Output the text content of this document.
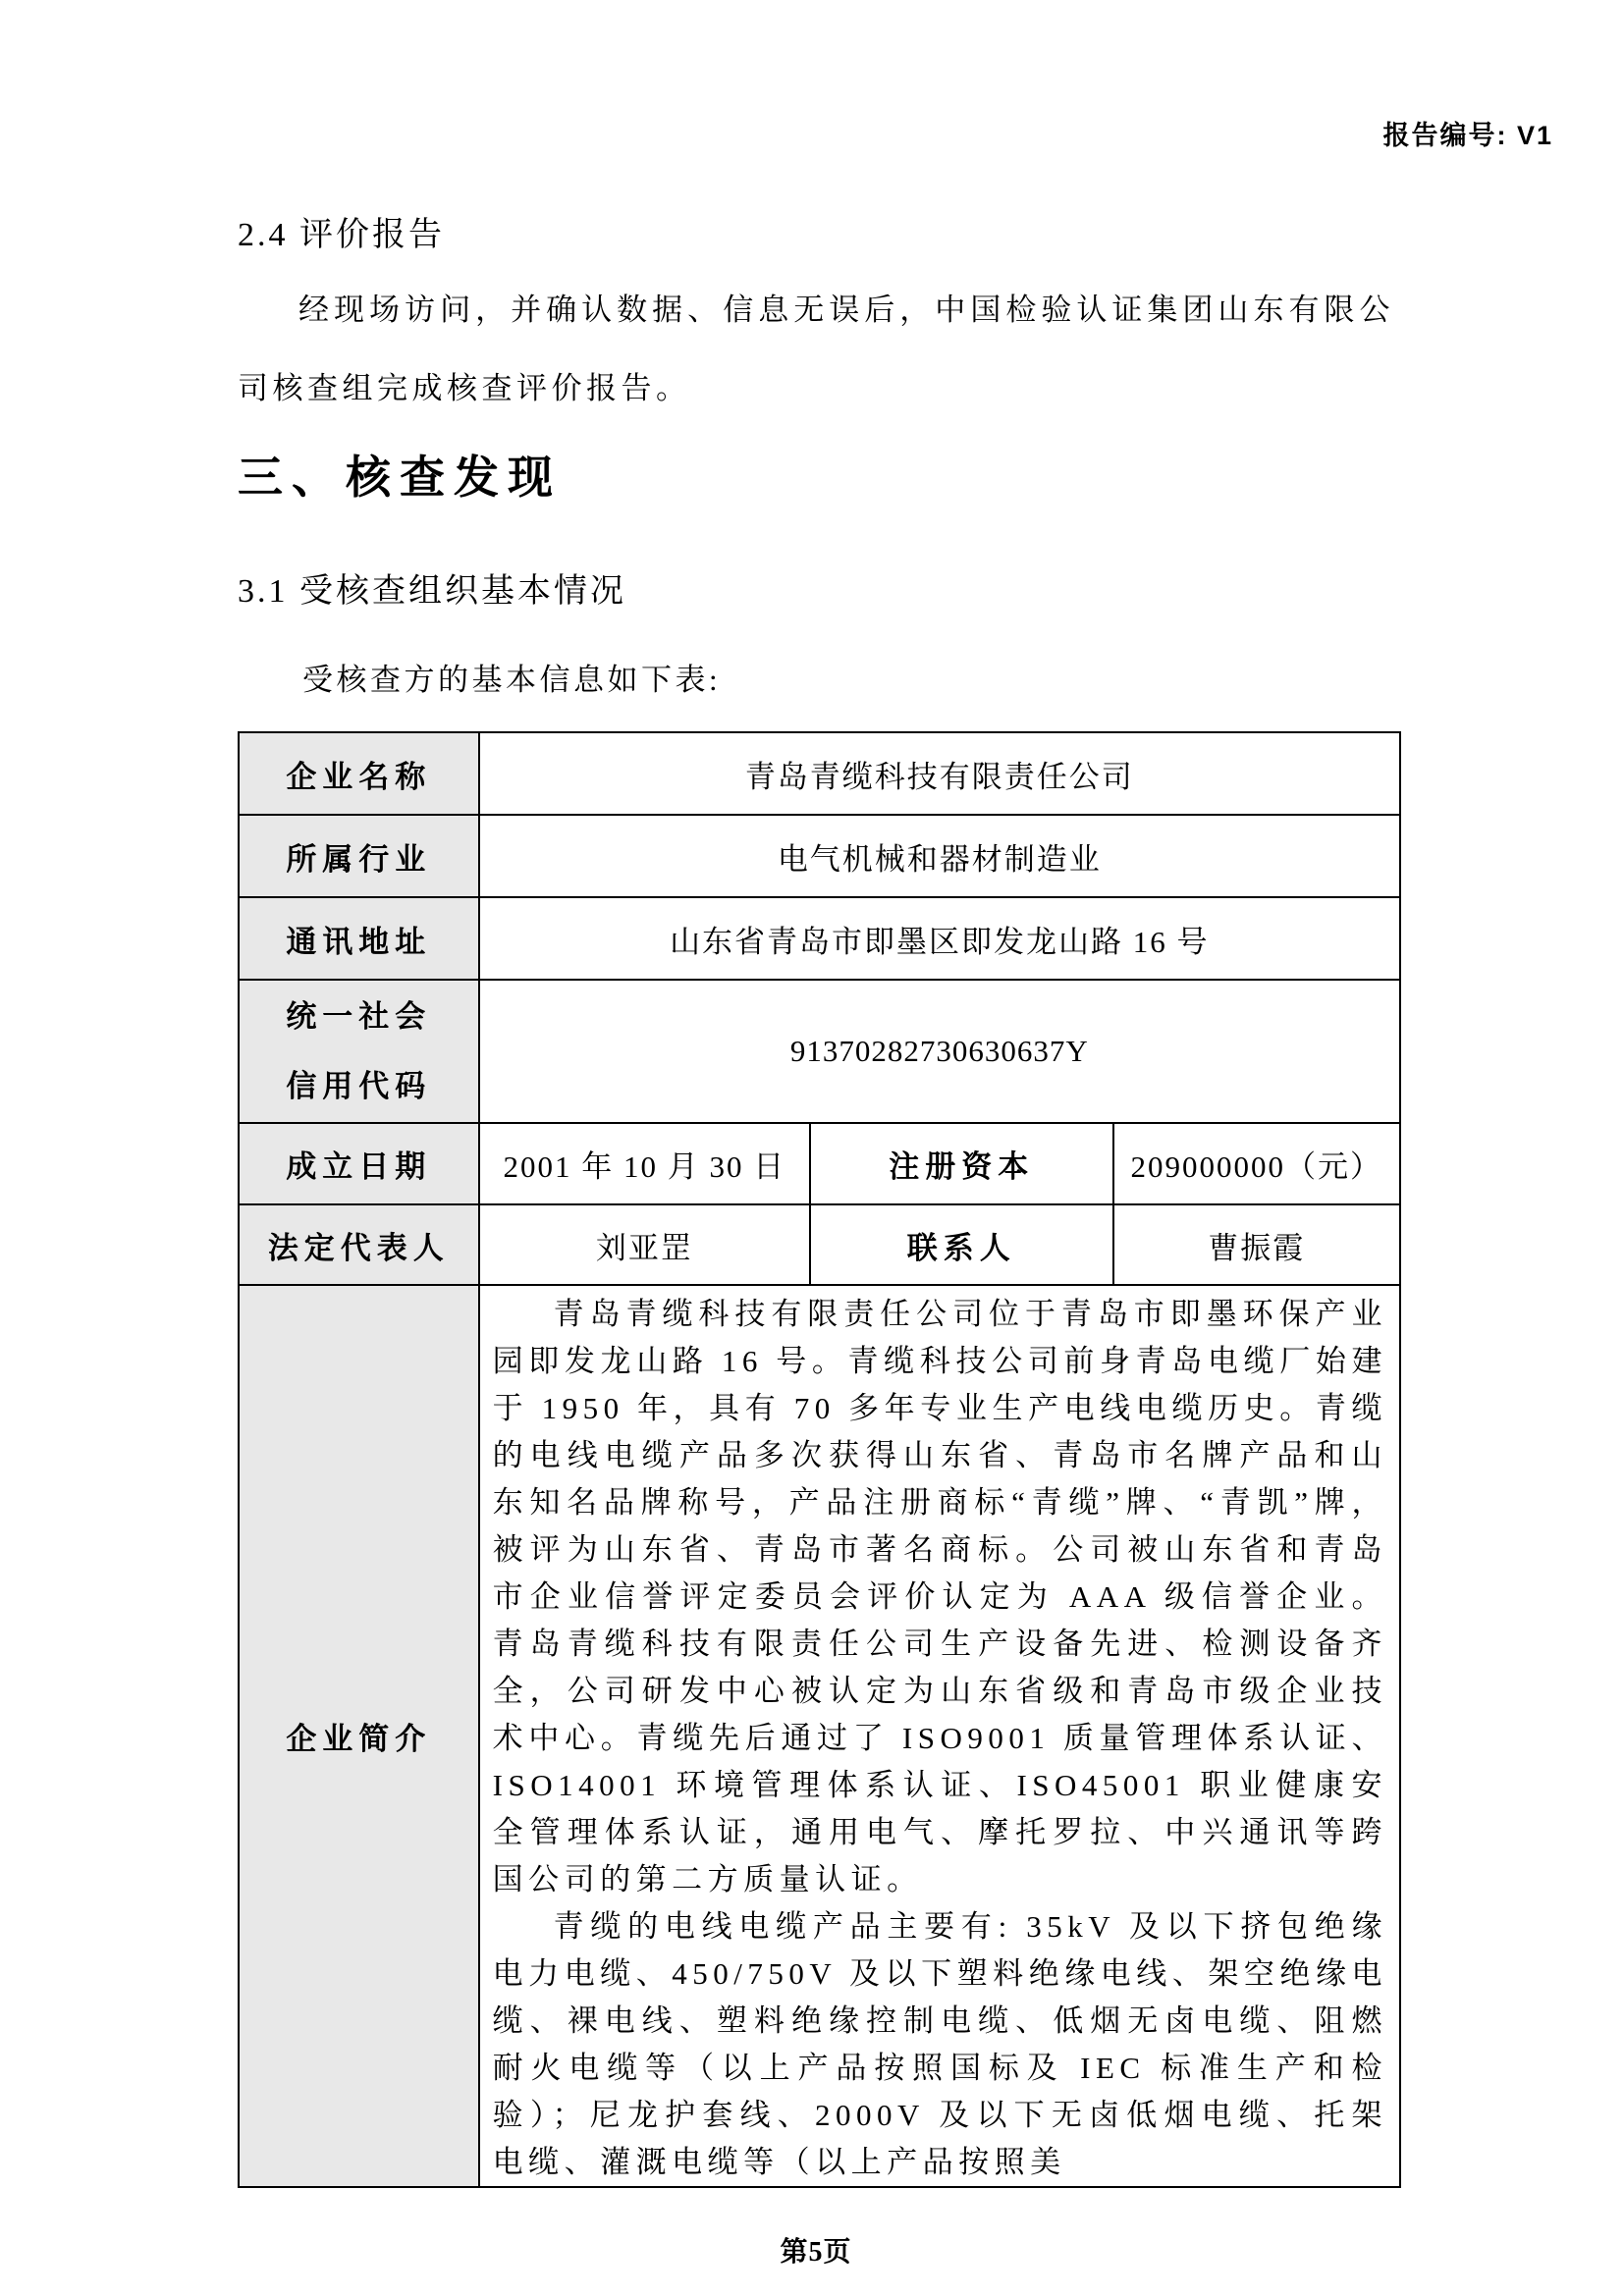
报告编号: V1
2.4 评价报告

经现场访问，并确认数据、信息无误后，中国检验认证集团山东有限公司核查组完成核查评价报告。

三、核查发现
3.1 受核查组织基本情况

受核查方的基本信息如下表:

企业名称	青岛青缆科技有限责任公司		
所属行业	电气机械和器材制造业		
通讯地址	山东省青岛市即墨区即发龙山路 16 号		

统一社会
信用代码	91370282730630637Y		
成立日期	2001 年 10 月 30 日	注册资本	209000000（元）
法定代表人	刘亚罡	联系人	曹振霞
企业简介	青岛青缆科技有限责任公司位于青岛市即墨环保产业园即发龙山路 16 号。青缆科技公司前身青岛电缆厂始建于 1950 年，具有 70 多年专业生产电线电缆历史。青缆的电线电缆产品多次获得山东省、青岛市名牌产品和山东知名品牌称号，产品注册商标“青缆”牌、“青凯”牌，被评为山东省、青岛市著名商标。公司被山东省和青岛市企业信誉评定委员会评价认定为 AAA 级信誉企业。青岛青缆科技有限责任公司生产设备先进、检测设备齐全，公司研发中心被认定为山东省级和青岛市级企业技术中心。青缆先后通过了 ISO9001 质量管理体系认证、ISO14001 环境管理体系认证、ISO45001 职业健康安全管理体系认证，通用电气、摩托罗拉、中兴通讯等跨国公司的第二方质量认证。

青缆的电线电缆产品主要有: 35kV 及以下挤包绝缘电力电缆、450/750V 及以下塑料绝缘电线、架空绝缘电缆、裸电线、塑料绝缘控制电缆、低烟无卤电缆、阻燃耐火电缆等（以上产品按照国标及 IEC 标准生产和检验）；尼龙护套线、2000V 及以下无卤低烟电缆、托架电缆、灌溉电缆等（以上产品按照美		

第5页
